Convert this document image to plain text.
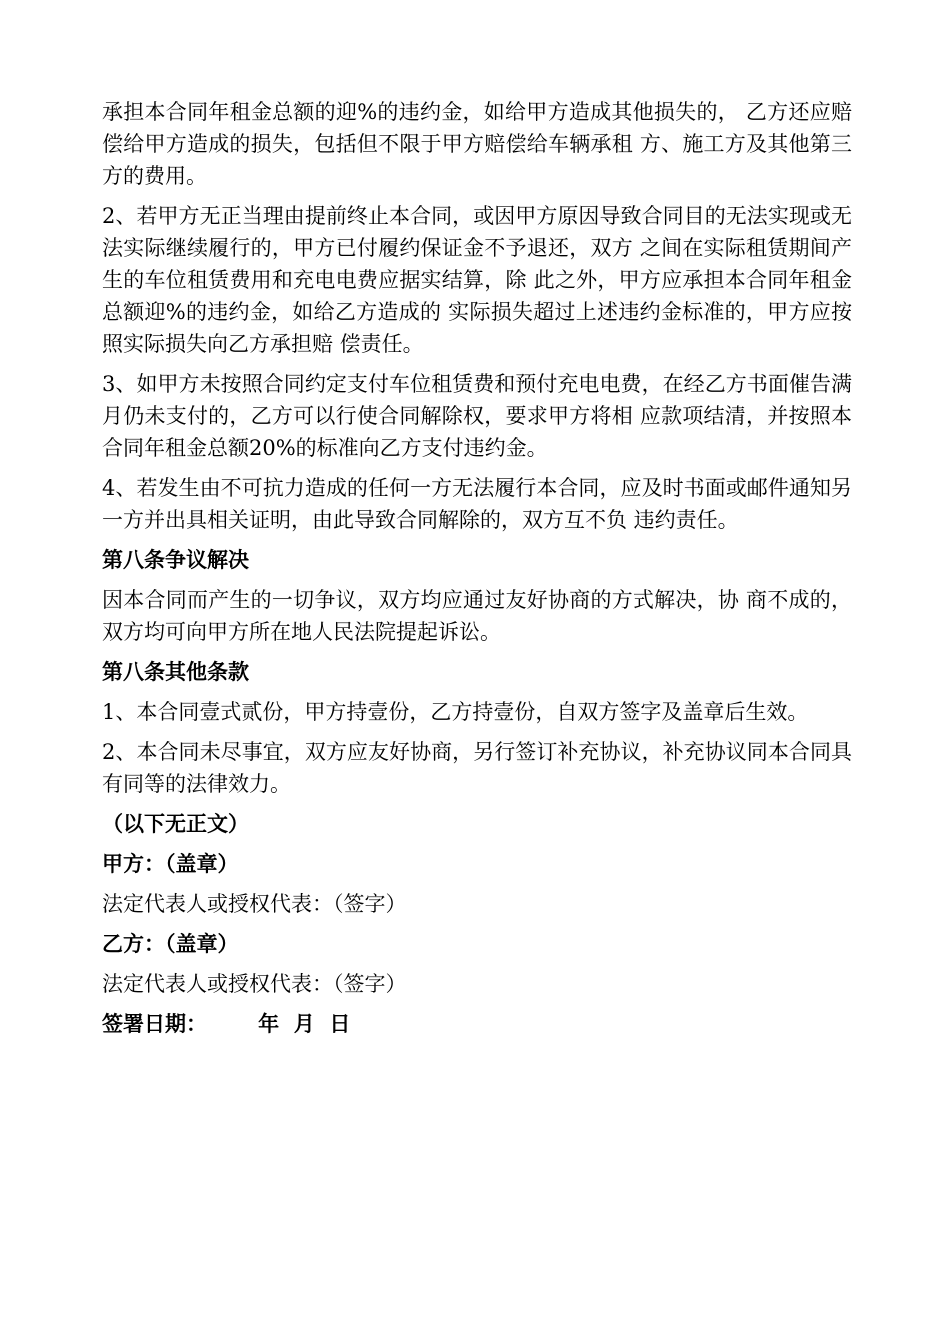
承担本合同年租金总额的迎%的违约金，如给甲方造成其他损失的， 乙方还应赔偿给甲方造成的损失，包括但不限于甲方赔偿给车辆承租 方、施工方及其他第三方的费用。

2、若甲方无正当理由提前终止本合同，或因甲方原因导致合同目的无法实现或无法实际继续履行的，甲方已付履约保证金不予退还，双方 之间在实际租赁期间产生的车位租赁费用和充电电费应据实结算，除 此之外，甲方应承担本合同年租金总额迎%的违约金，如给乙方造成的 实际损失超过上述违约金标准的，甲方应按照实际损失向乙方承担赔 偿责任。

3、如甲方未按照合同约定支付车位租赁费和预付充电电费，在经乙方书面催告满月仍未支付的，乙方可以行使合同解除权，要求甲方将相 应款项结清，并按照本合同年租金总额20%的标准向乙方支付违约金。

4、若发生由不可抗力造成的任何一方无法履行本合同，应及时书面或邮件通知另一方并出具相关证明，由此导致合同解除的，双方互不负 违约责任。

第八条争议解决

因本合同而产生的一切争议，双方均应通过友好协商的方式解决，协 商不成的，双方均可向甲方所在地人民法院提起诉讼。

第八条其他条款

1、本合同壹式贰份，甲方持壹份，乙方持壹份，自双方签字及盖章后生效。

2、本合同未尽事宜，双方应友好协商，另行签订补充协议，补充协议同本合同具有同等的法律效力。

（以下无正文）
甲方：（盖章）
法定代表人或授权代表：（签字）
乙方：（盖章）
法定代表人或授权代表：（签字）
签署日期：       年  月  日
